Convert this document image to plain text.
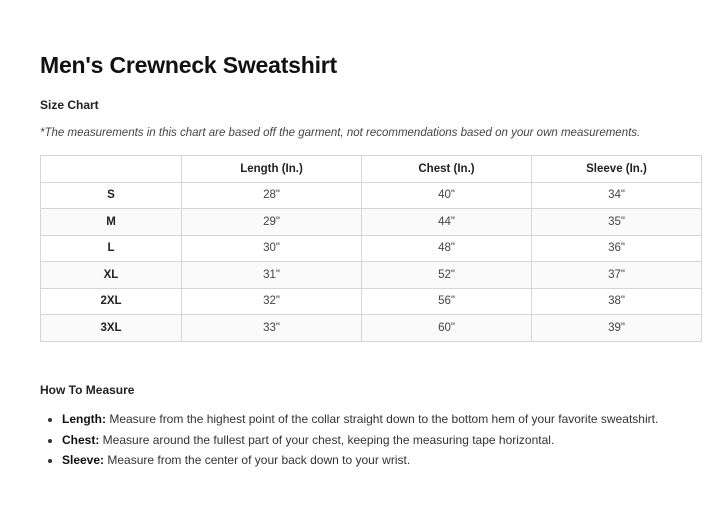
Men's Crewneck Sweatshirt
Size Chart

*The measurements in this chart are based off the garment, not recommendations based on your own measurements.

	Length (In.)	Chest (In.)	Sleeve (In.)
S	28"	40"	34"
M	29"	44"	35"
L	30"	48"	36"
XL	31"	52"	37"
2XL	32"	56"	38"
3XL	33"	60"	39"
How To Measure
• Length: Measure from the highest point of the collar straight down to the bottom hem of your favorite sweatshirt.
• Chest: Measure around the fullest part of your chest, keeping the measuring tape horizontal.
• Sleeve: Measure from the center of your back down to your wrist.
